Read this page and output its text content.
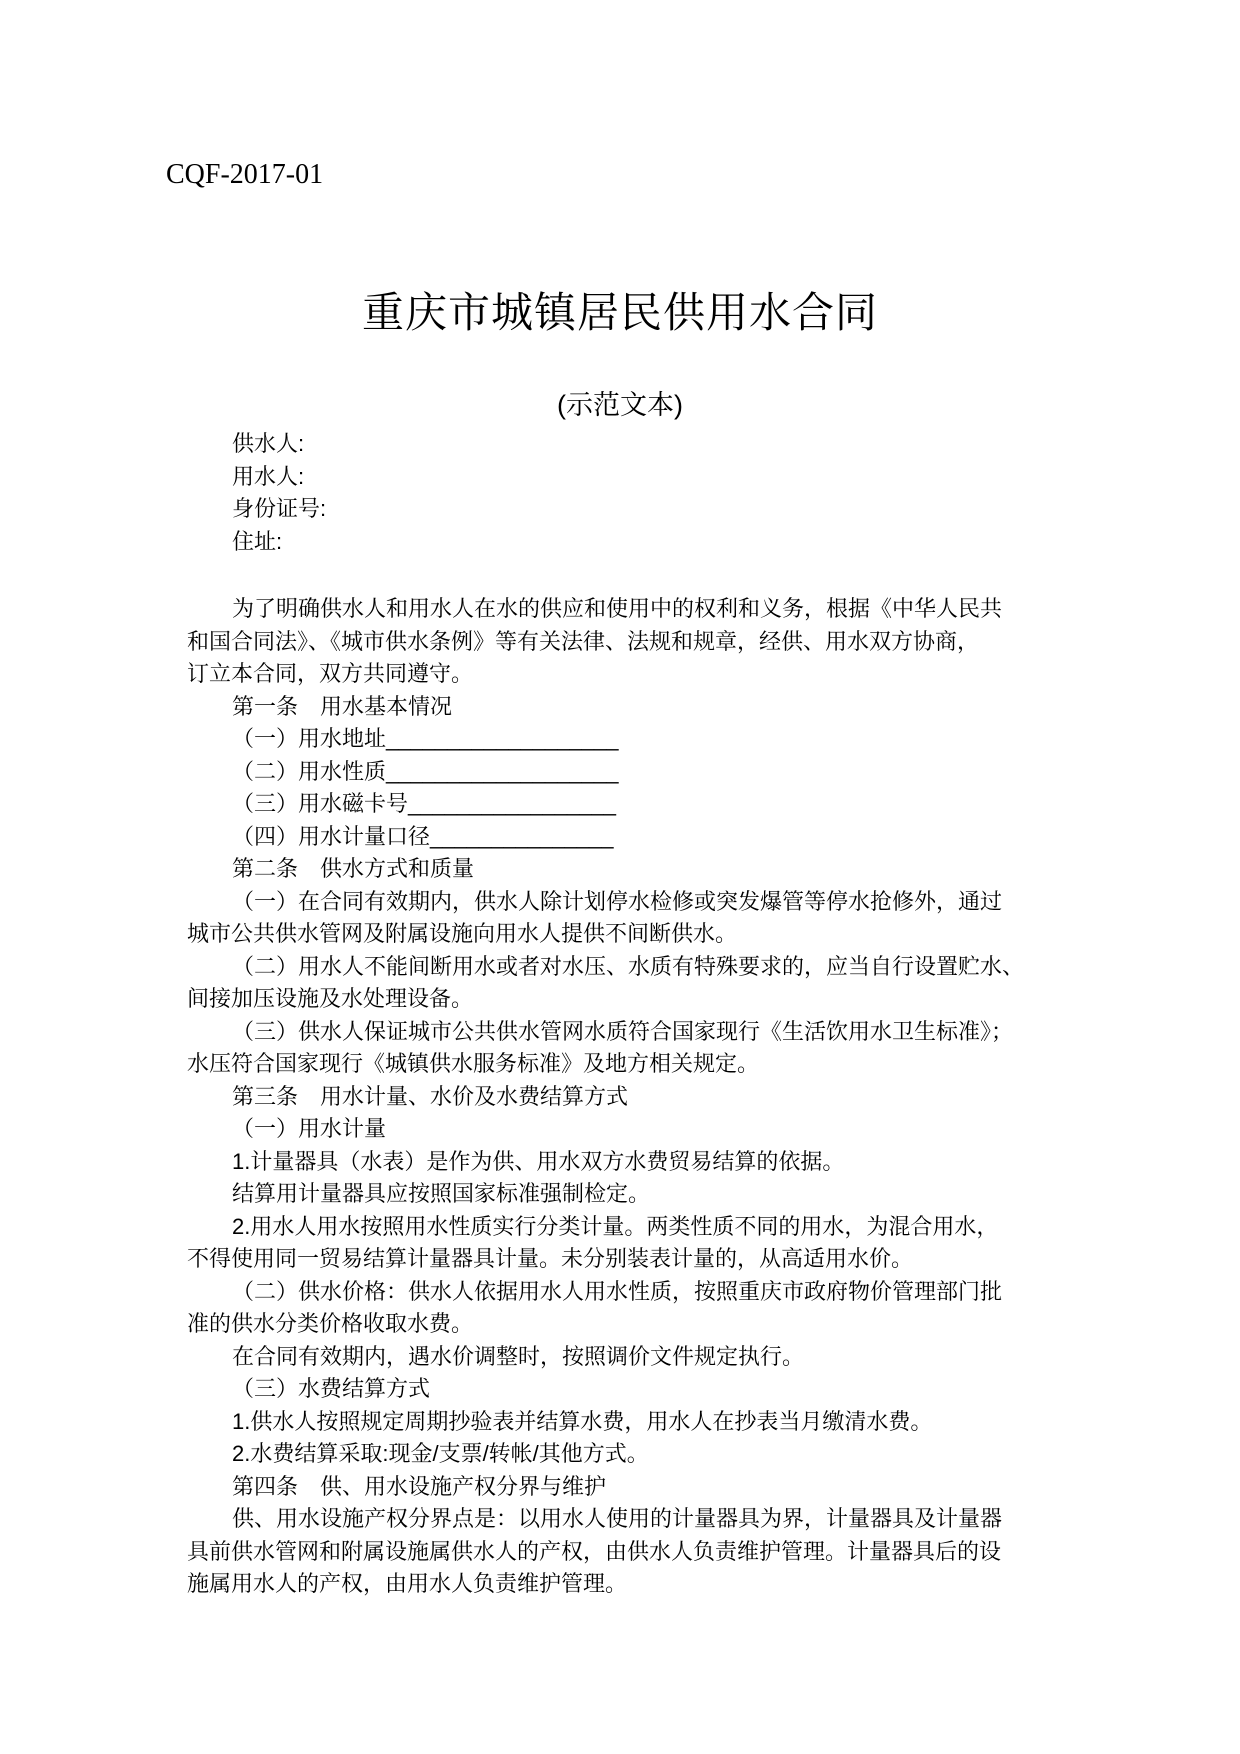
CQF-2017-01
重庆市城镇居民供用水合同
(示范文本)
供水人:
用水人:
身份证号:
住址:
为了明确供水人和用水人在水的供应和使用中的权利和义务，根据《中华人民共
和国合同法》、《城市供水条例》等有关法律、法规和规章，经供、用水双方协商，
订立本合同，双方共同遵守。
第一条　用水基本情况
（一）用水地址___________________
（二）用水性质___________________
（三）用水磁卡号_________________
（四）用水计量口径_______________
第二条　供水方式和质量
（一）在合同有效期内，供水人除计划停水检修或突发爆管等停水抢修外，通过
城市公共供水管网及附属设施向用水人提供不间断供水。
（二）用水人不能间断用水或者对水压、水质有特殊要求的，应当自行设置贮水、
间接加压设施及水处理设备。
（三）供水人保证城市公共供水管网水质符合国家现行《生活饮用水卫生标准》；
水压符合国家现行《城镇供水服务标准》及地方相关规定。
第三条　用水计量、水价及水费结算方式
（一）用水计量
1.计量器具（水表）是作为供、用水双方水费贸易结算的依据。
结算用计量器具应按照国家标准强制检定。
2.用水人用水按照用水性质实行分类计量。两类性质不同的用水，为混合用水，
不得使用同一贸易结算计量器具计量。未分别装表计量的，从高适用水价。
（二）供水价格：供水人依据用水人用水性质，按照重庆市政府物价管理部门批
准的供水分类价格收取水费。
在合同有效期内，遇水价调整时，按照调价文件规定执行。
（三）水费结算方式
1.供水人按照规定周期抄验表并结算水费，用水人在抄表当月缴清水费。
2.水费结算采取:现金/支票/转帐/其他方式。
第四条　供、用水设施产权分界与维护
供、用水设施产权分界点是：以用水人使用的计量器具为界，计量器具及计量器
具前供水管网和附属设施属供水人的产权，由供水人负责维护管理。计量器具后的设
施属用水人的产权，由用水人负责维护管理。
